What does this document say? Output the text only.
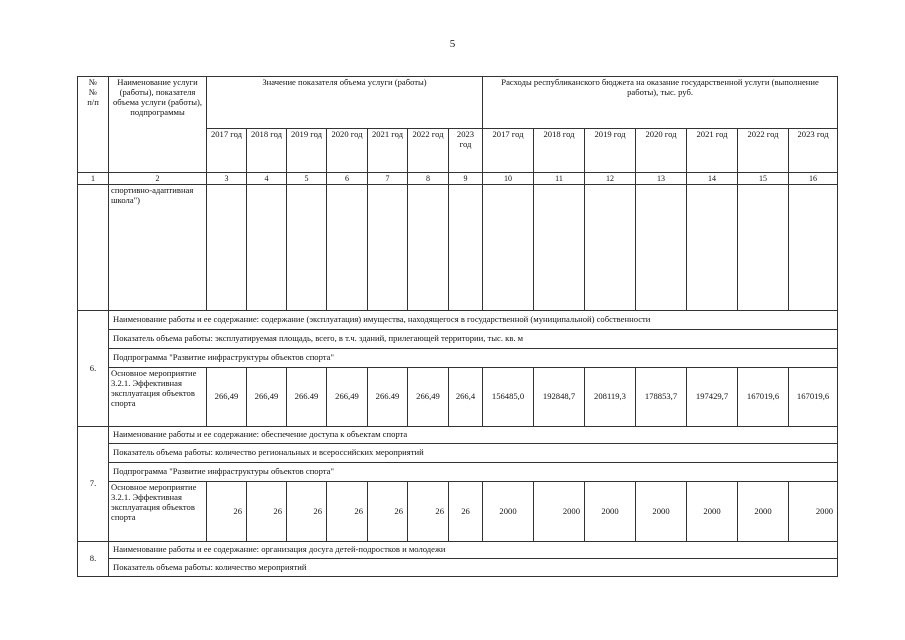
5
№
№
п/п	Наименование услуги (работы), показателя объема услуги (работы), подпрограммы	Значение показателя объема услуги (работы)							Расходы республиканского бюджета на оказание государственной услуги (выполнение работы), тыс. руб.						
		2017 год	2018 год	2019 год	2020 год	2021 год	2022 год	2023 год	2017 год	2018 год	2019 год	2020 год	2021 год	2022 год	2023 год
1	2	3	4	5	6	7	8	9	10	11	12	13	14	15	16
	спортивно-адаптивная школа")														
6.	Наименование работы и ее содержание: содержание (эксплуатация) имущества, находящегося в государственной (муниципальной) собственности														
	Показатель объема работы: эксплуатируемая площадь, всего, в т.ч. зданий, прилегающей территории, тыс. кв. м														
	Подпрограмма "Развитие инфраструктуры объектов спорта"														
	Основное мероприятие 3.2.1. Эффективная эксплуатация объектов спорта	266,49	266,49	266.49	266,49	266.49	266,49	266,4	156485,0	192848,7	208119,3	178853,7	197429,7	167019,6	167019,6
7.	Наименование работы и ее содержание: обеспечение доступа к объектам спорта														
	Показатель объема работы: количество региональных и всероссийских мероприятий														
	Подпрограмма "Развитие инфраструктуры объектов спорта"														
	Основное мероприятие 3.2.1. Эффективная эксплуатация объектов спорта	26	26	26	26	26	26	26	2000	2000	2000	2000	2000	2000	2000
8.	Наименование работы и ее содержание: организация досуга детей-подростков и молодежи														
	Показатель объема работы: количество мероприятий														
